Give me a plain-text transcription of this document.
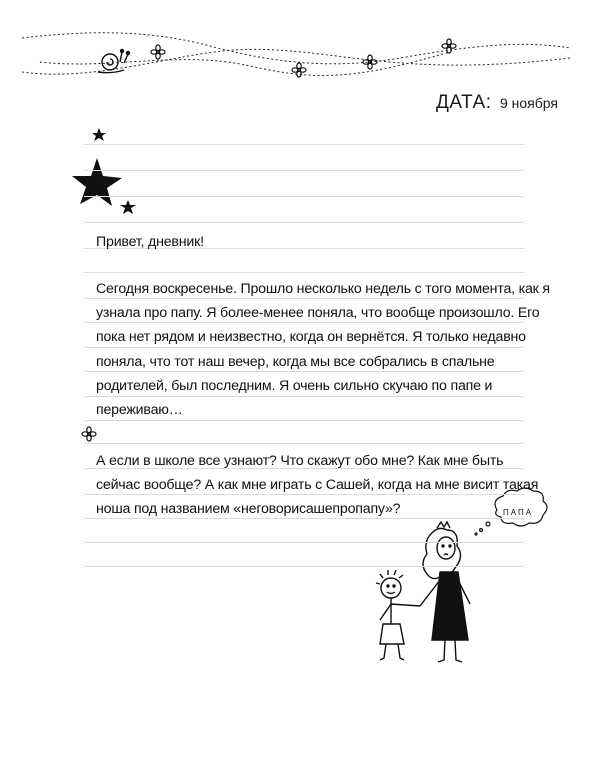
ДАТА: 9 ноября
Привет, дневник!
Сегодня воскресенье. Прошло несколько недель с того момента, как я
узнала про папу. Я более-менее поняла, что вообще произошло. Его
пока нет рядом и неизвестно, когда он вернётся. Я только недавно
поняла, что тот наш вечер, когда мы все собрались в спальне
родителей, был последним. Я очень сильно скучаю по папе и
переживаю…
А если в школе все узнают? Что скажут обо мне? Как мне быть
сейчас вообще? А как мне играть с Сашей, когда на мне висит такая
ноша под названием «неговорисашепропапу»?	ПАПА
